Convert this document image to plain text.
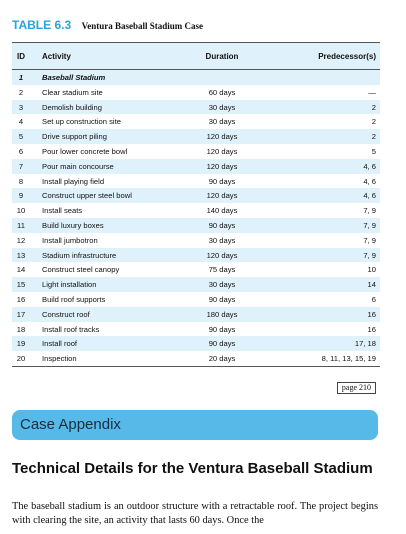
TABLE 6.3 Ventura Baseball Stadium Case
ID	Activity	Duration	Predecessor(s)
1	Baseball Stadium
2	Clear stadium site	60 days	—
3	Demolish building	30 days	2
4	Set up construction site	30 days	2
5	Drive support piling	120 days	2
6	Pour lower concrete bowl	120 days	5
7	Pour main concourse	120 days	4, 6
8	Install playing field	90 days	4, 6
9	Construct upper steel bowl	120 days	4, 6
10	Install seats	140 days	7, 9
11	Build luxury boxes	90 days	7, 9
12	Install jumbotron	30 days	7, 9
13	Stadium infrastructure	120 days	7, 9
14	Construct steel canopy	75 days	10
15	Light installation	30 days	14
16	Build roof supports	90 days	6
17	Construct roof	180 days	16
18	Install roof tracks	90 days	16
19	Install roof	90 days	17, 18
20	Inspection	20 days	8, 11, 13, 15, 19
page 210
Case Appendix
Technical Details for the Ventura Baseball Stadium
The baseball stadium is an outdoor structure with a retractable roof. The project begins with clearing the site, an activity that lasts 60 days. Once the
